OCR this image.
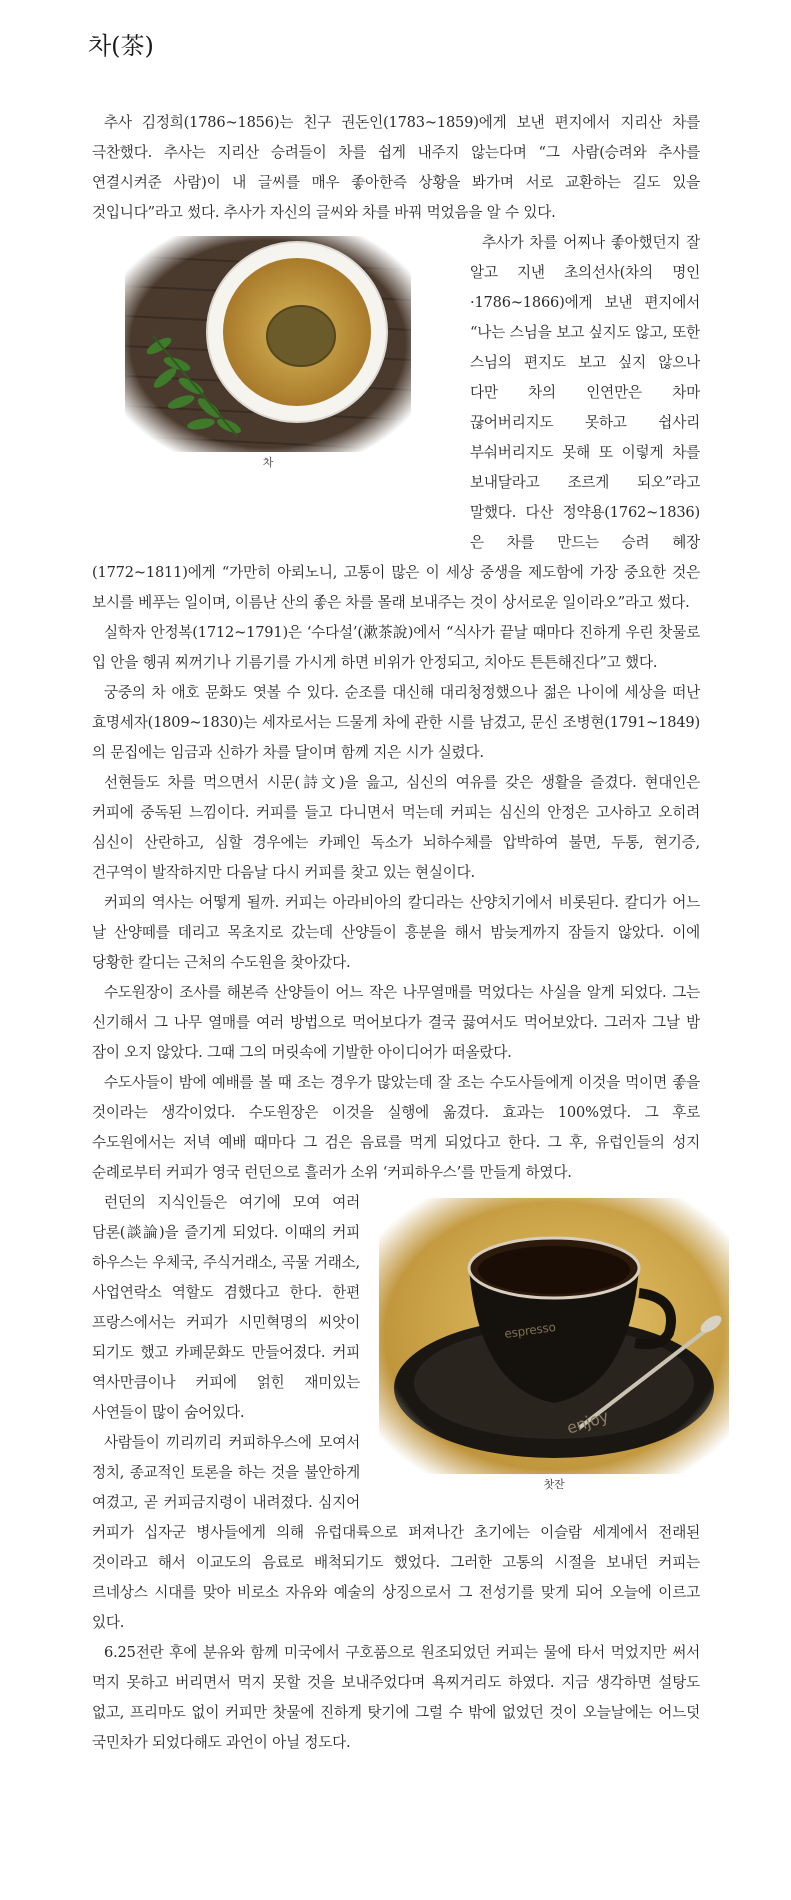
차(茶)

추사 김정희(1786~1856)는 친구 권돈인(1783~1859)에게 보낸 편지에서 지리산 차를 극찬했다. 추사는 지리산 승려들이 차를 쉽게 내주지 않는다며 “그 사람(승려와 추사를 연결시켜준 사람)이 내 글씨를 매우 좋아한즉 상황을 봐가며 서로 교환하는 길도 있을 것입니다”라고 썼다. 추사가 자신의 글씨와 차를 바꿔 먹었음을 알 수 있다.

차

추사가 차를 어찌나 좋아했던지 잘 알고 지낸 초의선사(차의 명인·1786~1866)에게 보낸 편지에서 “나는 스님을 보고 싶지도 않고, 또한 스님의 편지도 보고 싶지 않으나 다만 차의 인연만은 차마 끊어버리지도 못하고 쉽사리 부숴버리지도 못해 또 이렇게 차를 보내달라고 조르게 되오”라고 말했다. 다산 정약용(1762~1836)은 차를 만드는 승려 혜장(1772~1811)에게 “가만히 아뢰노니, 고통이 많은 이 세상 중생을 제도함에 가장 중요한 것은 보시를 베푸는 일이며, 이름난 산의 좋은 차를 몰래 보내주는 것이 상서로운 일이라오”라고 썼다.

실학자 안정복(1712~1791)은 ‘수다설’(漱茶說)에서 “식사가 끝날 때마다 진하게 우린 찻물로 입 안을 헹궈 찌꺼기나 기름기를 가시게 하면 비위가 안정되고, 치아도 튼튼해진다”고 했다.

궁중의 차 애호 문화도 엿볼 수 있다. 순조를 대신해 대리청정했으나 젊은 나이에 세상을 떠난 효명세자(1809~1830)는 세자로서는 드물게 차에 관한 시를 남겼고, 문신 조병현(1791~1849)의 문집에는 임금과 신하가 차를 달이며 함께 지은 시가 실렸다.

선현들도 차를 먹으면서 시문(詩文)을 읊고, 심신의 여유를 갖은 생활을 즐겼다. 현대인은 커피에 중독된 느낌이다. 커피를 들고 다니면서 먹는데 커피는 심신의 안정은 고사하고 오히려 심신이 산란하고, 심할 경우에는 카페인 독소가 뇌하수체를 압박하여 불면, 두통, 현기증, 건구역이 발작하지만 다음날 다시 커피를 찾고 있는 현실이다.

커피의 역사는 어떻게 될까. 커피는 아라비아의 칼디라는 산양치기에서 비롯된다. 칼디가 어느 날 산양떼를 데리고 목초지로 갔는데 산양들이 흥분을 해서 밤늦게까지 잠들지 않았다. 이에 당황한 칼디는 근처의 수도원을 찾아갔다.

수도원장이 조사를 해본즉 산양들이 어느 작은 나무열매를 먹었다는 사실을 알게 되었다. 그는 신기해서 그 나무 열매를 여러 방법으로 먹어보다가 결국 끓여서도 먹어보았다. 그러자 그날 밤 잠이 오지 않았다. 그때 그의 머릿속에 기발한 아이디어가 떠올랐다.

수도사들이 밤에 예배를 볼 때 조는 경우가 많았는데 잘 조는 수도사들에게 이것을 먹이면 좋을 것이라는 생각이었다. 수도원장은 이것을 실행에 옮겼다. 효과는 100%였다. 그 후로 수도원에서는 저녁 예배 때마다 그 검은 음료를 먹게 되었다고 한다. 그 후, 유럽인들의 성지 순례로부터 커피가 영국 런던으로 흘러가 소위 ‘커피하우스’를 만들게 하였다.

찻잔

런던의 지식인들은 여기에 모여 여러 담론(談論)을 즐기게 되었다. 이때의 커피 하우스는 우체국, 주식거래소, 곡물 거래소, 사업연락소 역할도 겸했다고 한다. 한편 프랑스에서는 커피가 시민혁명의 씨앗이 되기도 했고 카페문화도 만들어졌다. 커피 역사만큼이나 커피에 얽힌 재미있는 사연들이 많이 숨어있다.

사람들이 끼리끼리 커피하우스에 모여서 정치, 종교적인 토론을 하는 것을 불안하게 여겼고, 곧 커피금지령이 내려졌다. 심지어 커피가 십자군 병사들에게 의해 유럽대륙으로 퍼져나간 초기에는 이슬람 세계에서 전래된 것이라고 해서 이교도의 음료로 배척되기도 했었다. 그러한 고통의 시절을 보내던 커피는 르네상스 시대를 맞아 비로소 자유와 예술의 상징으로서 그 전성기를 맞게 되어 오늘에 이르고 있다.

6.25전란 후에 분유와 함께 미국에서 구호품으로 원조되었던 커피는 물에 타서 먹었지만 써서 먹지 못하고 버리면서 먹지 못할 것을 보내주었다며 욕찌거리도 하였다. 지금 생각하면 설탕도 없고, 프리마도 없이 커피만 찻물에 진하게 탓기에 그럴 수 밖에 없었던 것이 오늘날에는 어느덧 국민차가 되었다해도 과언이 아닐 정도다.
